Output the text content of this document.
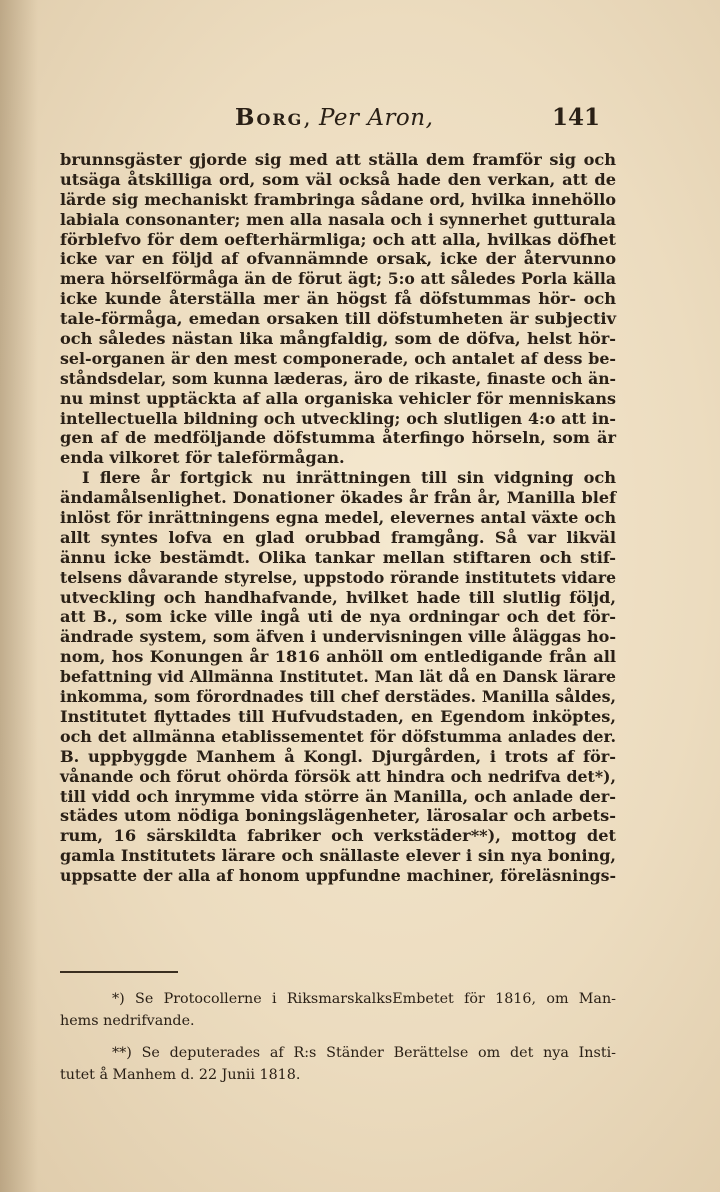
Borg, Per Aron,	141
brunnsgäster gjorde sig med att ställa dem framför sig och
utsäga åtskilliga ord, som väl också hade den verkan, att de
lärde sig mechaniskt frambringa sådane ord, hvilka innehöllo
labiala consonanter; men alla nasala och i synnerhet gutturala
förblefvo för dem oefterhärmliga; och att alla, hvilkas döfhet
icke var en följd af ofvannämnde orsak, icke der återvunno
mera hörselförmåga än de förut ägt; 5:o att således Porla källa
icke kunde återställa mer än högst få döfstummas hör- och
tale-förmåga, emedan orsaken till döfstumheten är subjectiv
och således nästan lika mångfaldig, som de döfva, helst hör-
sel-organen är den mest componerade, och antalet af dess be-
ståndsdelar, som kunna læderas, äro de rikaste, finaste och än-
nu minst upptäckta af alla organiska vehicler för menniskans
intellectuella bildning och utveckling; och slutligen 4:o att in-
gen af de medföljande döfstumma återfingo hörseln, som är
enda vilkoret för taleförmågan.
I flere år fortgick nu inrättningen till sin vidgning och
ändamålsenlighet. Donationer ökades år från år, Manilla blef
inlöst för inrättningens egna medel, elevernes antal växte och
allt syntes lofva en glad orubbad framgång. Så var likväl
ännu icke bestämdt. Olika tankar mellan stiftaren och stif-
telsens dåvarande styrelse, uppstodo rörande institutets vidare
utveckling och handhafvande, hvilket hade till slutlig följd,
att B., som icke ville ingå uti de nya ordningar och det för-
ändrade system, som äfven i undervisningen ville åläggas ho-
nom, hos Konungen år 1816 anhöll om entledigande från all
befattning vid Allmänna Institutet. Man lät då en Dansk lärare
inkomma, som förordnades till chef derstädes. Manilla såldes,
Institutet flyttades till Hufvudstaden, en Egendom inköptes,
och det allmänna etablissementet för döfstumma anlades der.
B. uppbyggde Manhem å Kongl. Djurgården, i trots af för-
vånande och förut ohörda försök att hindra och nedrifva det*),
till vidd och inrymme vida större än Manilla, och anlade der-
städes utom nödiga boningslägenheter, lärosalar och arbets-
rum, 16 särskildta fabriker och verkstäder**), mottog det
gamla Institutets lärare och snällaste elever i sin nya boning,
uppsatte der alla af honom uppfundne machiner, föreläsnings-
*) Se Protocollerne i RiksmarskalksEmbetet för 1816, om Man-
hems nedrifvande.
**) Se deputerades af R:s Ständer Berättelse om det nya Insti-
tutet å Manhem d. 22 Junii 1818.
